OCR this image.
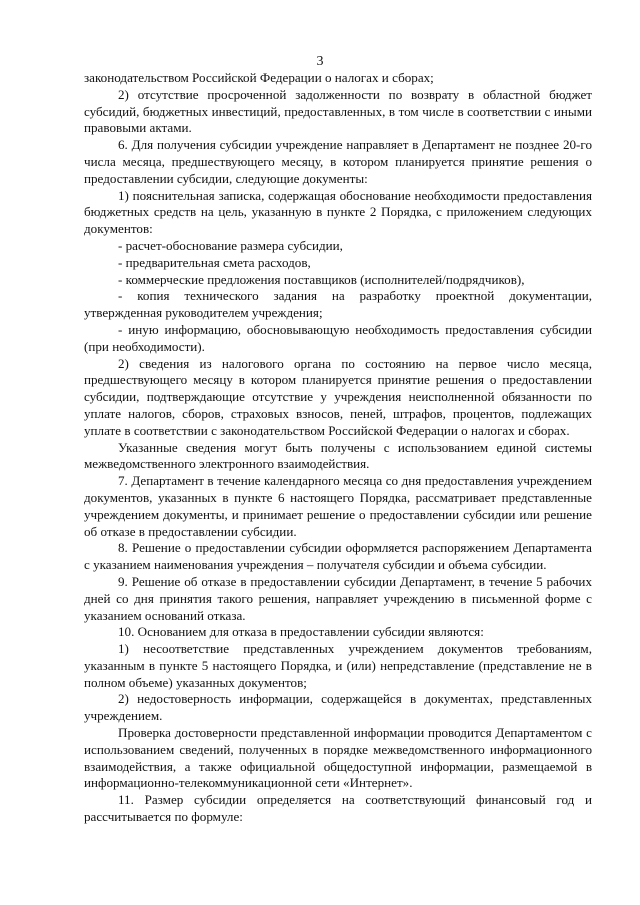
3

законодательством Российской Федерации о налогах и сборах;

2) отсутствие просроченной задолженности по возврату в областной бюджет субсидий, бюджетных инвестиций, предоставленных, в том числе в соответствии с иными правовыми актами.

6. Для получения субсидии учреждение направляет в Департамент не позднее 20-го числа месяца, предшествующего месяцу, в котором планируется принятие решения о предоставлении субсидии, следующие документы:

1) пояснительная записка, содержащая обоснование необходимости предоставления бюджетных средств на цель, указанную в пункте 2 Порядка, с приложением следующих документов:

- расчет-обоснование размера субсидии,

- предварительная смета расходов,

- коммерческие предложения поставщиков (исполнителей/подрядчиков),

- копия технического задания на разработку проектной документации, утвержденная руководителем учреждения;

- иную информацию, обосновывающую необходимость предоставления субсидии (при необходимости).

2) сведения из налогового органа по состоянию на первое число месяца, предшествующего месяцу в котором планируется принятие решения о предоставлении субсидии, подтверждающие отсутствие у учреждения неисполненной обязанности по уплате налогов, сборов, страховых взносов, пеней, штрафов, процентов, подлежащих уплате в соответствии с законодательством Российской Федерации о налогах и сборах.

Указанные сведения могут быть получены с использованием единой системы межведомственного электронного взаимодействия.

7. Департамент в течение календарного месяца со дня предоставления учреждением документов, указанных в пункте 6 настоящего Порядка, рассматривает представленные учреждением документы, и принимает решение о предоставлении субсидии или решение об отказе в предоставлении субсидии.

8. Решение о предоставлении субсидии оформляется распоряжением Департамента с указанием наименования учреждения – получателя субсидии и объема субсидии.

9. Решение об отказе в предоставлении субсидии Департамент, в течение 5 рабочих дней со дня принятия такого решения, направляет учреждению в письменной форме с указанием оснований отказа.

10. Основанием для отказа в предоставлении субсидии являются:

1) несоответствие представленных учреждением документов требованиям, указанным в пункте 5 настоящего Порядка, и (или) непредставление (представление не в полном объеме) указанных документов;

2) недостоверность информации, содержащейся в документах, представленных учреждением.

Проверка достоверности представленной информации проводится Департаментом с использованием сведений, полученных в порядке межведомственного информационного взаимодействия, а также официальной общедоступной информации, размещаемой в информационно-телекоммуникационной сети «Интернет».

11. Размер субсидии определяется на соответствующий финансовый год и рассчитывается по формуле:
